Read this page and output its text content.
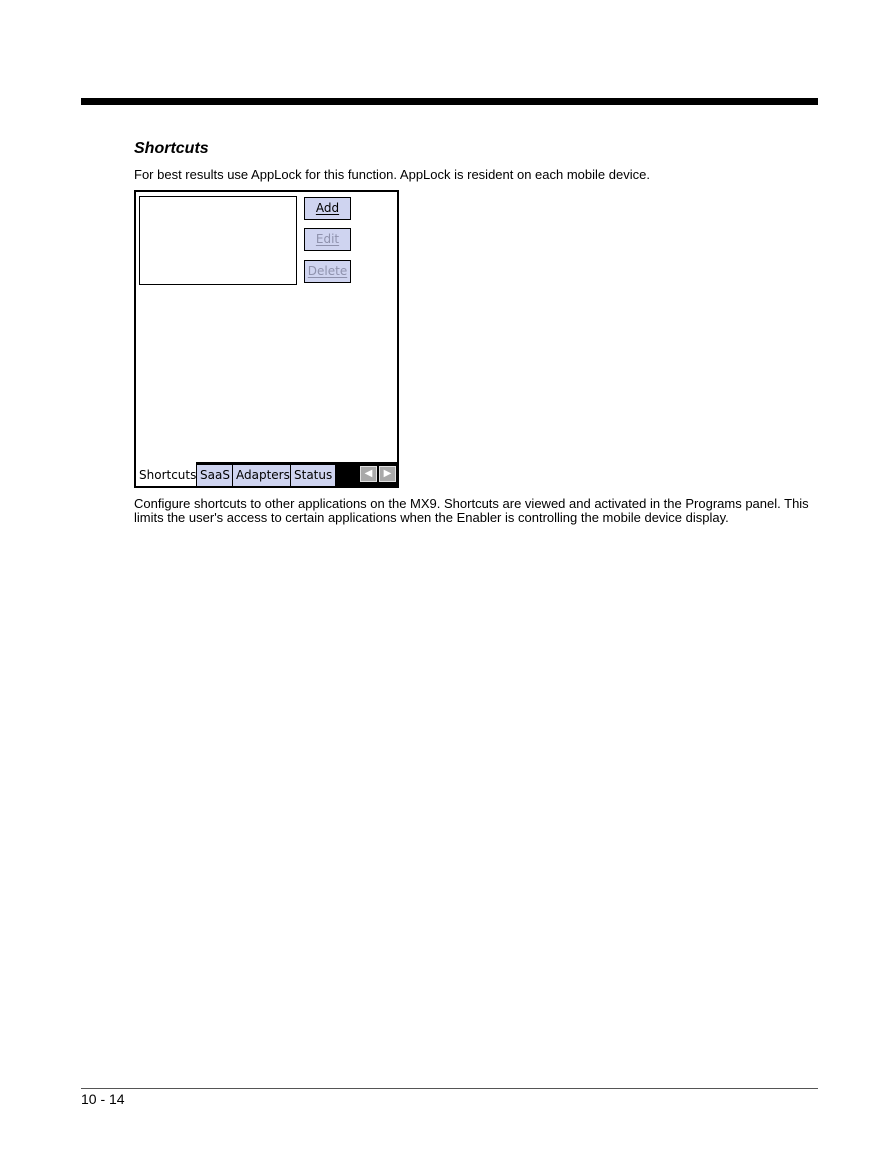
Shortcuts

For best results use AppLock for this function. AppLock is resident on each mobile device.

Add
Edit
Delete
Shortcuts SaaS Adapters Status	◀	▶

Configure shortcuts to other applications on the MX9. Shortcuts are viewed and activated in the Programs panel. This limits the user's access to certain applications when the Enabler is controlling the mobile device display.

10 - 14
